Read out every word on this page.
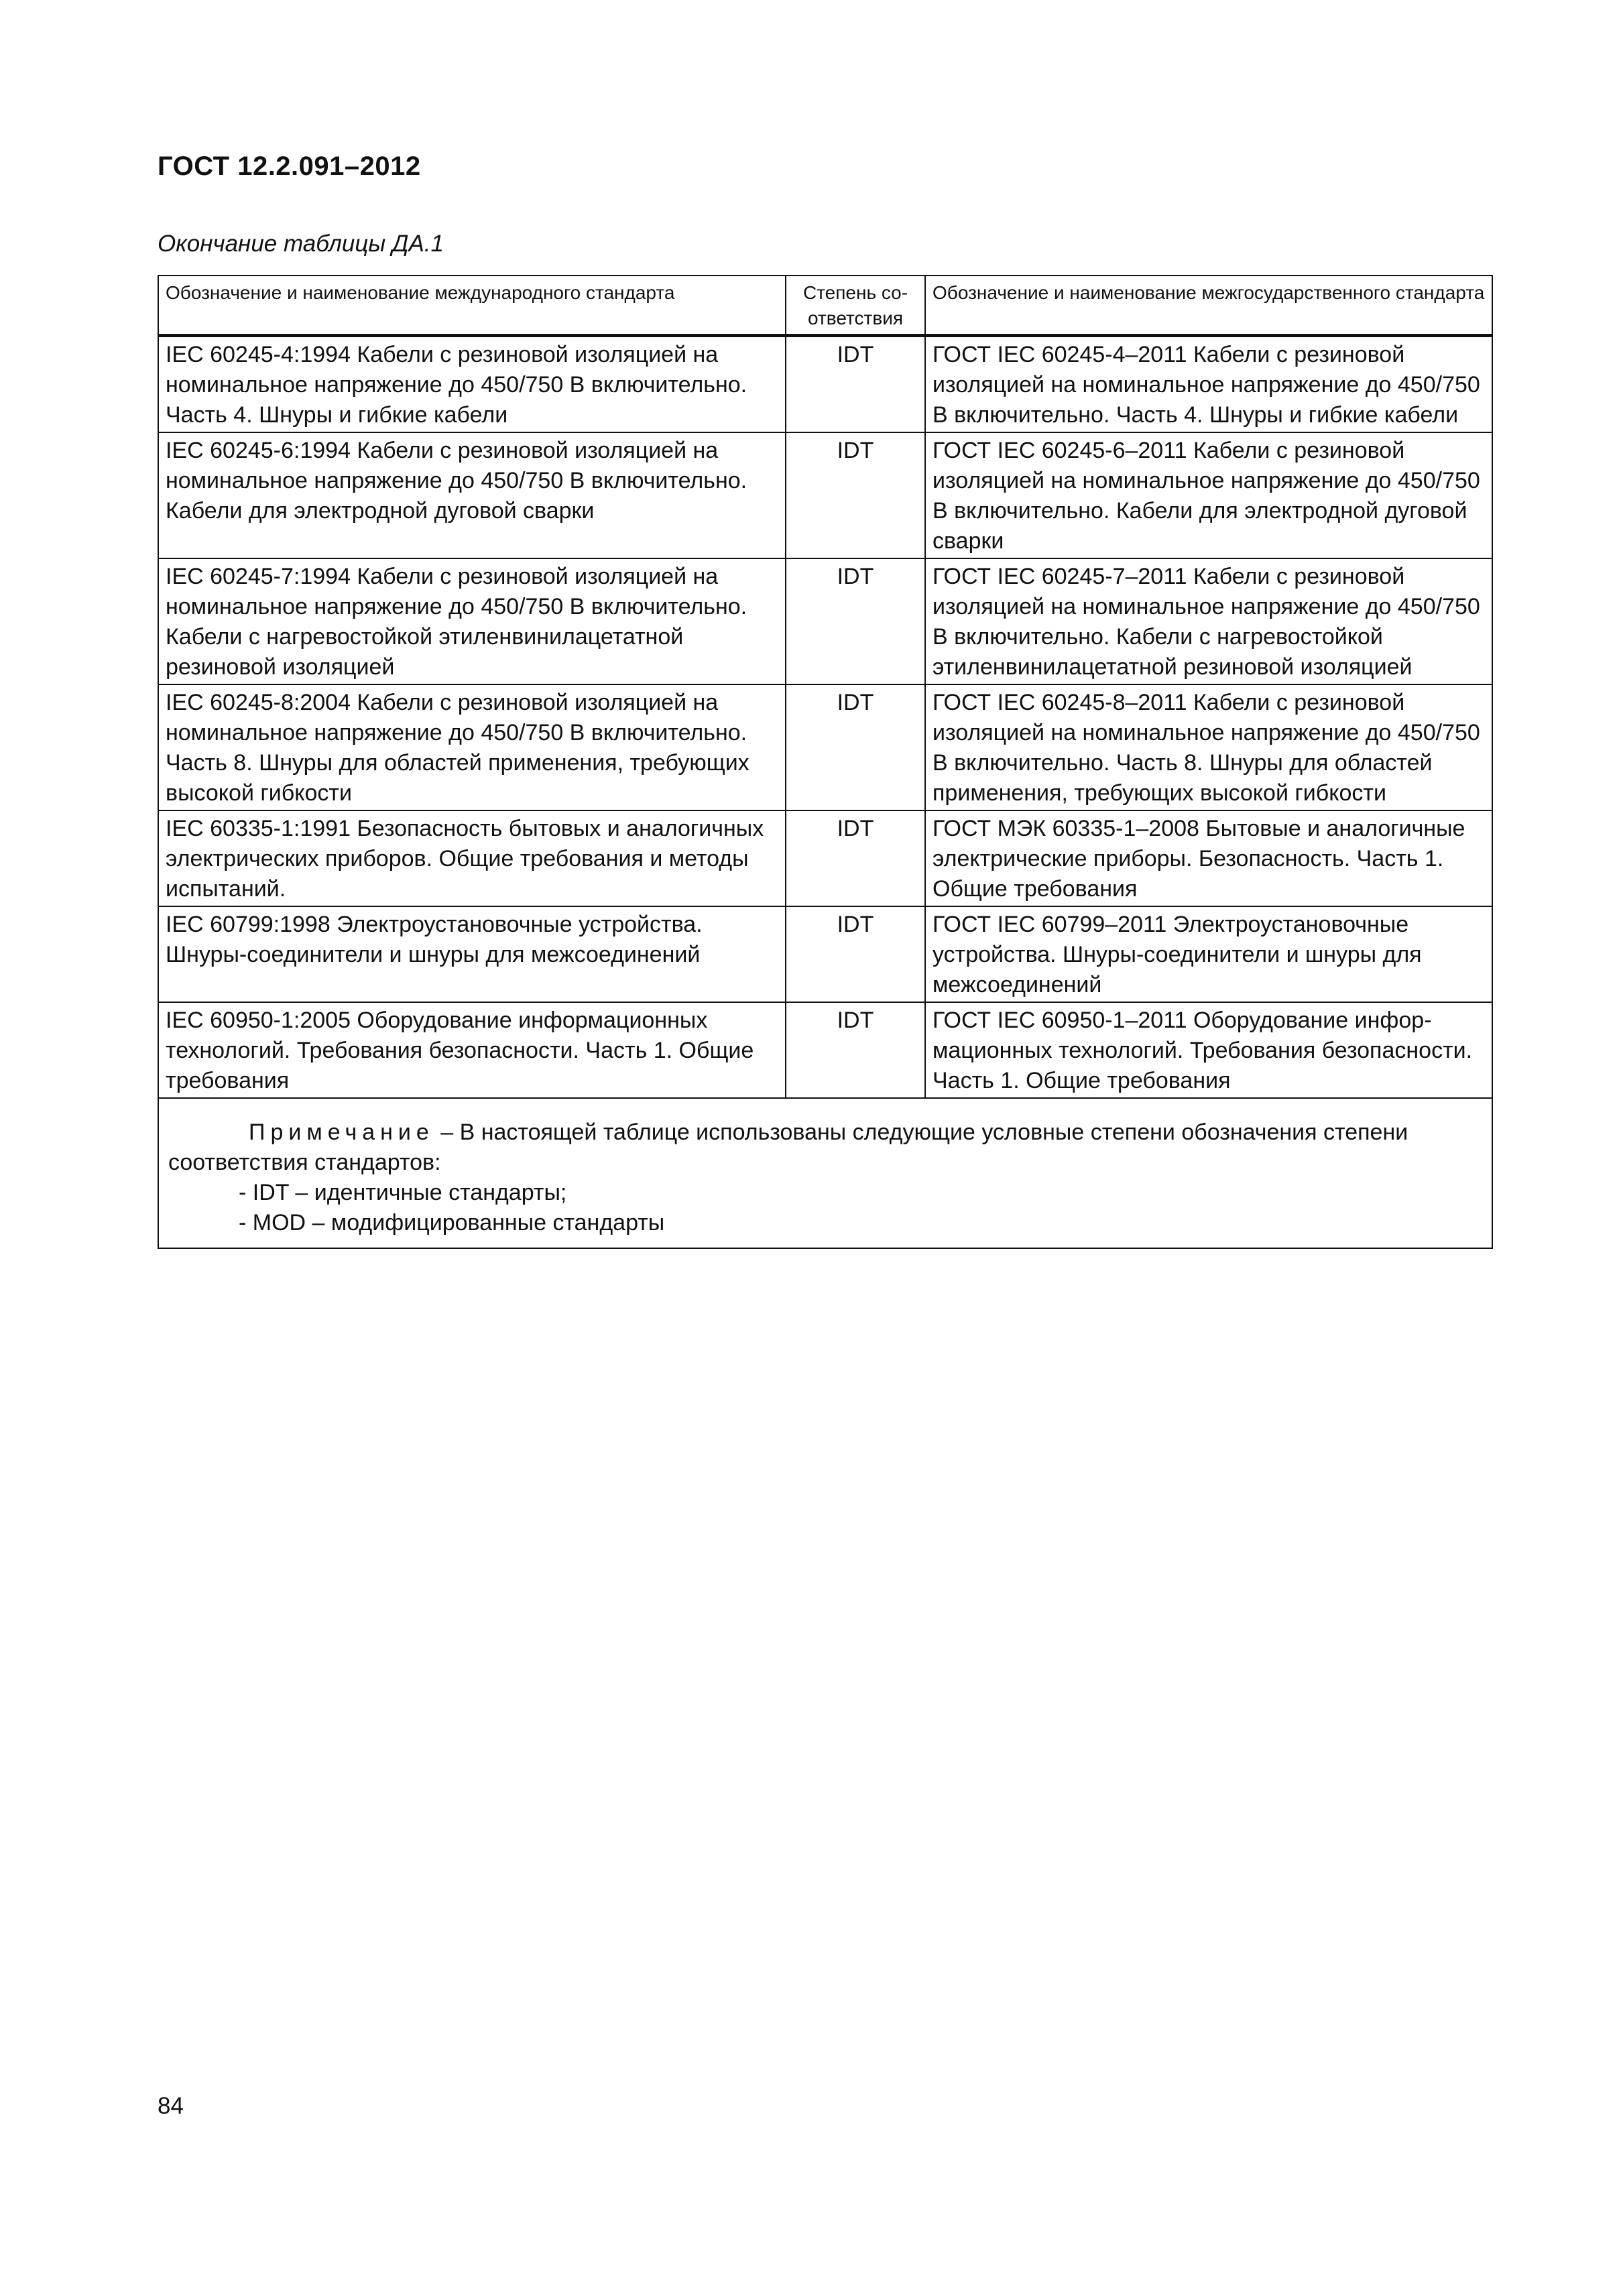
ГОСТ 12.2.091–2012

Окончание таблицы ДА.1

Обозначение и наименование международного стандарта	Степень соответствия	Обозначение и наименование межгосударственного стандарта
IEC 60245-4:1994 Кабели с резиновой изоляцией на номинальное напряжение до 450/750 В включительно. Часть 4. Шнуры и гибкие кабели	IDT	ГОСТ IEC 60245-4–2011 Кабели с резиновой изоляцией на номинальное напряжение до 450/750 В включительно. Часть 4. Шнуры и гибкие кабели
IEC 60245-6:1994 Кабели с резиновой изоляцией на номинальное напряжение до 450/750 В включительно. Кабели для электродной дуговой сварки	IDT	ГОСТ IEC 60245-6–2011 Кабели с резиновой изоляцией на номинальное напряжение до 450/750 В включительно. Кабели для электродной дуговой сварки
IEC 60245-7:1994 Кабели с резиновой изоляцией на номинальное напряжение до 450/750 В включительно. Кабели с нагревостойкой этиленвинилацетатной резиновой изоляцией	IDT	ГОСТ IEC 60245-7–2011 Кабели с резиновой изоляцией на номинальное напряжение до 450/750 В включительно. Кабели с нагревостойкой этиленвинилацетатной резиновой изоляцией
IEC 60245-8:2004 Кабели с резиновой изоляцией на номинальное напряжение до 450/750 В включительно. Часть 8. Шнуры для областей применения, требующих высокой гибкости	IDT	ГОСТ IEC 60245-8–2011 Кабели с резиновой изоляцией на номинальное напряжение до 450/750 В включительно. Часть 8. Шнуры для областей применения, требующих высокой гибкости
IEC 60335-1:1991 Безопасность бытовых и аналогичных электрических приборов. Общие требования и методы испытаний.	IDT	ГОСТ МЭК 60335-1–2008 Бытовые и аналогичные электрические приборы. Безопасность. Часть 1. Общие требования
IEC 60799:1998 Электроустановочные устройства. Шнуры-соединители и шнуры для межсоединений	IDT	ГОСТ IEC 60799–2011 Электроустановочные устройства. Шнуры-соединители и шнуры для межсоединений
IEC 60950-1:2005 Оборудование информационных технологий. Требования безопасности. Часть 1. Общие требования	IDT	ГОСТ IEC 60950-1–2011 Оборудование информационных технологий. Требования безопасности. Часть 1. Общие требования

Примечание – В настоящей таблице использованы следующие условные степени обозначения степени соответствия стандартов:

- IDT – идентичные стандарты;

- MOD – модифицированные стандарты		

84
